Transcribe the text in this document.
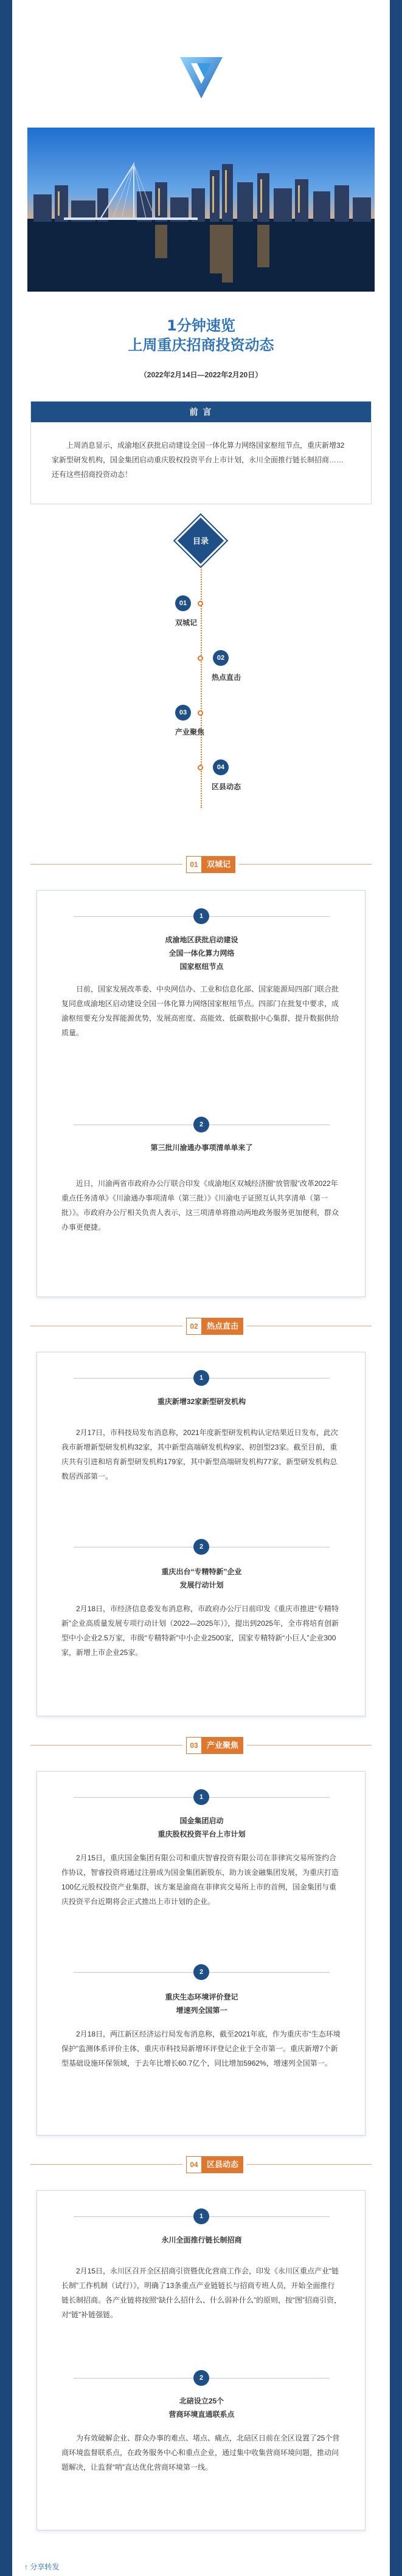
1分钟速览
上周重庆招商投资动态
（2022年2月14日—2022年2月20日）
前 言
上周消息显示，成渝地区获批启动建设全国一体化算力网络国家枢纽节点，重庆新增32家新型研发机构，国金集团启动重庆股权投资平台上市计划，永川全面推行链长制招商……还有这些招商投资动态！
目录
01
双城记
02
热点直击
03
产业聚焦
04
区县动态
01	双城记
1
成渝地区获批启动建设
全国一体化算力网络
国家枢纽节点
日前，国家发展改革委、中央网信办、工业和信息化部、国家能源局四部门联合批复同意成渝地区启动建设全国一体化算力网络国家枢纽节点。四部门在批复中要求，成渝枢纽要充分发挥能源优势，发展高密度、高能效、低碳数据中心集群，提升数据供给质量。
2
第三批川渝通办事项清单单来了
近日，川渝两省市政府办公厅联合印发《成渝地区双城经济圈“放管服”改革2022年重点任务清单》《川渝通办事项清单（第三批）》《川渝电子证照互认共享清单（第一批）》。市政府办公厅相关负责人表示，这三项清单将推动两地政务服务更加便利，群众办事更便捷。
02	热点直击
1
重庆新增32家新型研发机构
2月17日，市科技局发布消息称，2021年度新型研发机构认定结果近日发布，此次我市新增新型研发机构32家，其中新型高端研发机构9家、初创型23家。截至目前，重庆共有引进和培育新型研发机构179家，其中新型高端研发机构77家，新型研发机构总数居西部第一。
2
重庆出台“专精特新”企业
发展行动计划
2月18日，市经济信息委发布消息称，市政府办公厅日前印发《重庆市推进“专精特新”企业高质量发展专项行动计划（2022—2025年）》，提出到2025年，全市将培育创新型中小企业2.5万家，市级“专精特新”中小企业2500家，国家专精特新“小巨人”企业300家，新增上市企业25家。
03	产业聚焦
1
国金集团启动
重庆股权投资平台上市计划
2月15日，重庆国金集团有限公司和重庆智睿投资有限公司在菲律宾交易所签约合作协议，智睿投资将通过注册成为国金集团新股东，助力该金融集团发展，为重庆打造100亿元股权投资产业集群，该方案是渝商在菲律宾交易所上市的首例，国金集团与重庆投资平台近期将会正式推出上市计划的企业。
2
重庆生态环境评价登记
增速列全国第一
2月18日，两江新区经济运行局发布消息称，截至2021年底，作为重庆市“生态环境保护”监测体系评价主体，重庆市科技局新增环评登记企业于全市第一。重庆新增7个新型基础设施环保领域，于去年比增长60.7亿个，同比增加5962%，增速列全国第一。
04	区县动态
1
永川全面推行链长制招商
2月15日，永川区召开全区招商引资暨优化营商工作会，印发《永川区重点产业“链长制”工作机制（试行）》，明确了13条重点产业链链长与招商专班人员，开始全面推行链长制招商。各产业链将按照“缺什么招什么、什么弱补什么”的原则，按“图”招商引资，对“链”补链强链。
2
北碚设立25个
营商环境直通联系点
为有效破解企业、群众办事的难点、堵点、痛点，北碚区日前在全区设置了25个营商环境监督联系点，在政务服务中心和重点企业，通过集中收集营商环境问题，推动问题解决，让监督“哨”直达优化营商环境第一线。
↑ 分享转发
